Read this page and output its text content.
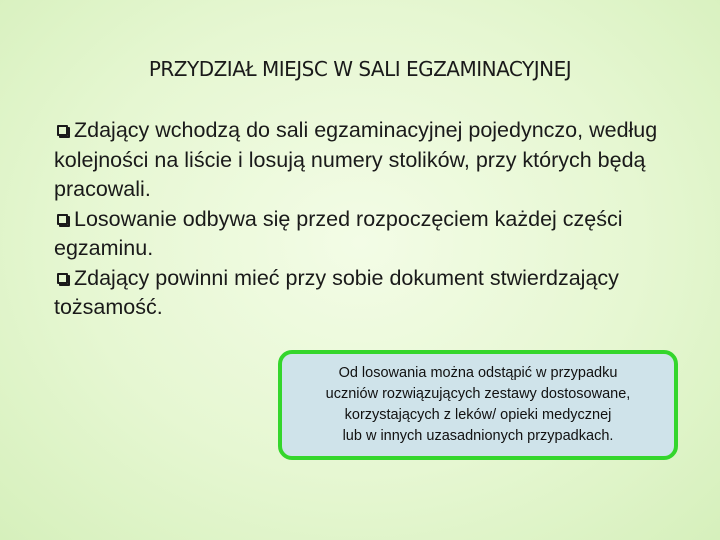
PRZYDZIAŁ MIEJSC W SALI EGZAMINACYJNEJ

Zdający wchodzą do sali egzaminacyjnej pojedynczo, według kolejności na liście i losują numery stolików, przy których będą pracowali.

Losowanie odbywa się przed rozpoczęciem każdej części egzaminu.

Zdający powinni mieć przy sobie dokument stwierdzający tożsamość.

Od losowania można odstąpić w przypadku
uczniów rozwiązujących zestawy dostosowane,
korzystających z leków/ opieki medycznej
lub w innych uzasadnionych przypadkach.
